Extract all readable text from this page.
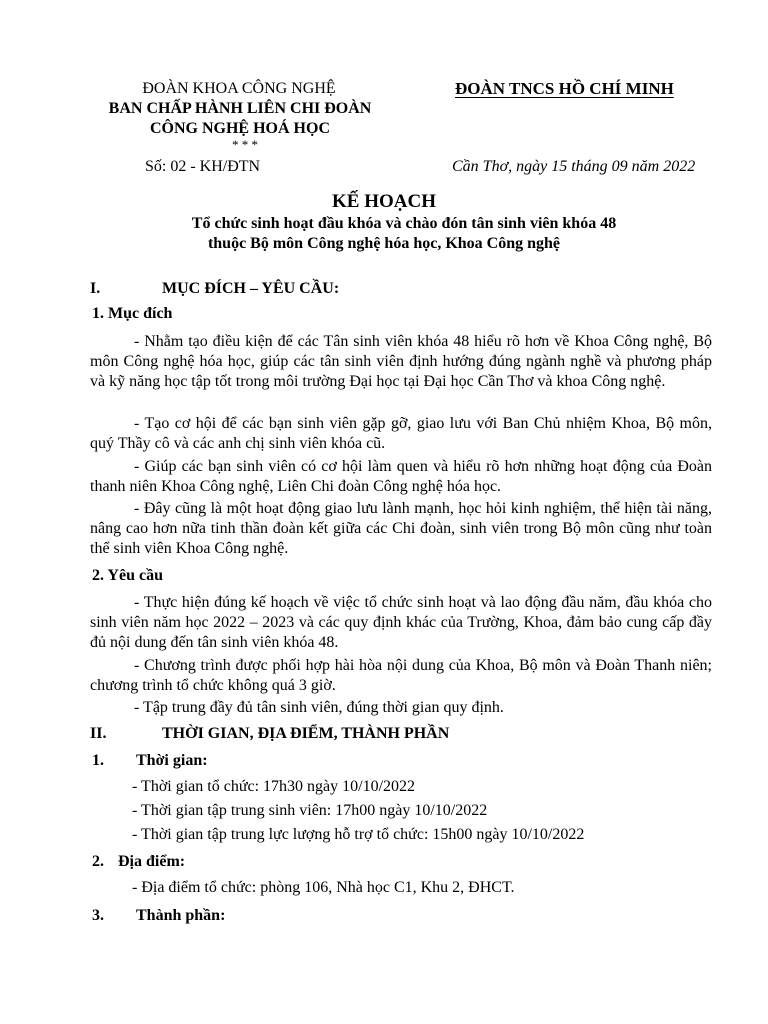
ĐOÀN KHOA CÔNG NGHỆ
BAN CHẤP HÀNH LIÊN CHI ĐOÀN
CÔNG NGHỆ HOÁ HỌC
* * *
Số: 02 - KH/ĐTN
ĐOÀN TNCS HỒ CHÍ MINH
Cần Thơ, ngày 15 tháng 09 năm 2022
KẾ HOẠCH
Tổ chức sinh hoạt đầu khóa và chào đón tân sinh viên khóa 48
thuộc Bộ môn Công nghệ hóa học, Khoa Công nghệ
I.	MỤC ĐÍCH – YÊU CẦU:
1. Mục đích
- Nhằm tạo điều kiện để các Tân sinh viên khóa 48 hiểu rõ hơn về Khoa Công nghệ, Bộ môn Công nghệ hóa học, giúp các tân sinh viên định hướng đúng ngành nghề và phương pháp và kỹ năng học tập tốt trong môi trường Đại học tại Đại học Cần Thơ và khoa Công nghệ.
- Tạo cơ hội để các bạn sinh viên gặp gỡ, giao lưu với Ban Chủ nhiệm Khoa, Bộ môn, quý Thầy cô và các anh chị sinh viên khóa cũ.
- Giúp các bạn sinh viên có cơ hội làm quen và hiểu rõ hơn những hoạt động của Đoàn thanh niên Khoa Công nghệ, Liên Chi đoàn Công nghệ hóa học.
- Đây cũng là một hoạt động giao lưu lành mạnh, học hỏi kinh nghiệm, thể hiện tài năng, nâng cao hơn nữa tinh thần đoàn kết giữa các Chi đoàn, sinh viên trong Bộ môn cũng như toàn thể sinh viên Khoa Công nghệ.
2. Yêu cầu
- Thực hiện đúng kế hoạch về việc tổ chức sinh hoạt và lao động đầu năm, đầu khóa cho sinh viên năm học 2022 – 2023 và các quy định khác của Trường, Khoa, đảm bảo cung cấp đầy đủ nội dung đến tân sinh viên khóa 48.
- Chương trình được phối hợp hài hòa nội dung của Khoa, Bộ môn và Đoàn Thanh niên; chương trình tổ chức không quá 3 giờ.
- Tập trung đầy đủ tân sinh viên, đúng thời gian quy định.
II.	THỜI GIAN, ĐỊA ĐIỂM, THÀNH PHẦN
1. Thời gian:
- Thời gian tổ chức: 17h30 ngày 10/10/2022
- Thời gian tập trung sinh viên: 17h00 ngày 10/10/2022
- Thời gian tập trung lực lượng hỗ trợ tổ chức: 15h00 ngày 10/10/2022
2. Địa điểm:
- Địa điểm tổ chức: phòng 106, Nhà học C1, Khu 2, ĐHCT.
3. Thành phần:
